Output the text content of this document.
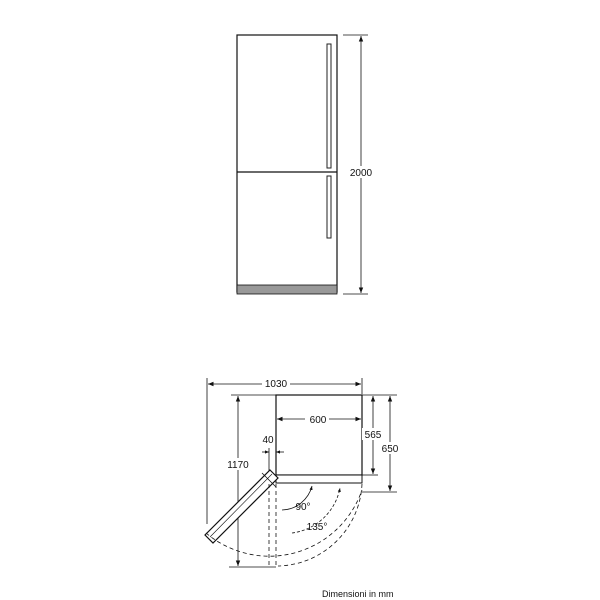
2000
1030
600
40	565
650
1170
90°
135°
Dimensioni in mm
